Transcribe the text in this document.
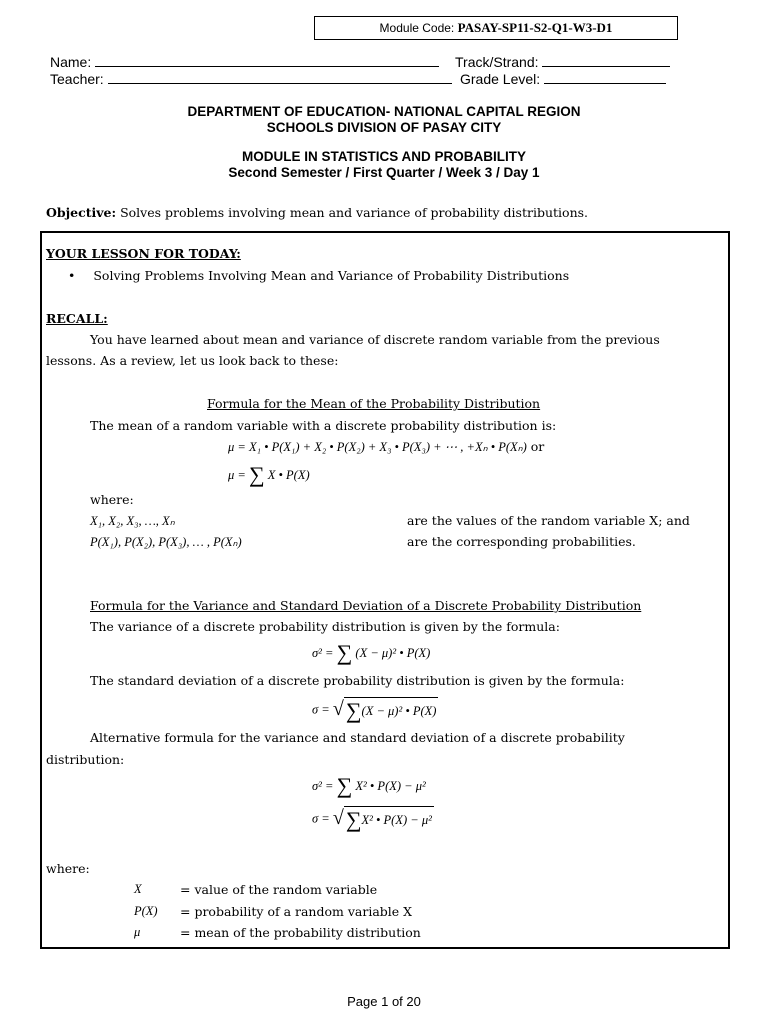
Module Code: PASAY-SP11-S2-Q1-W3-D1
Name:	Track/Strand:
Teacher:	Grade Level:
DEPARTMENT OF EDUCATION- NATIONAL CAPITAL REGION
SCHOOLS DIVISION OF PASAY CITY
MODULE IN STATISTICS AND PROBABILITY
Second Semester / First Quarter / Week 3 / Day 1
Objective: Solves problems involving mean and variance of probability distributions.
YOUR LESSON FOR TODAY:
• Solving Problems Involving Mean and Variance of Probability Distributions
RECALL:
You have learned about mean and variance of discrete random variable from the previous
lessons. As a review, let us look back to these:
Formula for the Mean of the Probability Distribution
The mean of a random variable with a discrete probability distribution is:
μ = X₁ • P(X₁) + X₂ • P(X₂) + X₃ • P(X₃) + ⋯ , +Xₙ • P(Xₙ) or
μ = ∑ X • P(X)
where:
X₁, X₂, X₃, …, Xₙ	are the values of the random variable X; and
P(X₁), P(X₂), P(X₃), … , P(Xₙ)	are the corresponding probabilities.
Formula for the Variance and Standard Deviation of a Discrete Probability Distribution
The variance of a discrete probability distribution is given by the formula:
σ² = ∑ (X − μ)² • P(X)
The standard deviation of a discrete probability distribution is given by the formula:
σ = √∑(X − μ)² • P(X)
Alternative formula for the variance and standard deviation of a discrete probability
distribution:
σ² = ∑ X² • P(X) − μ²
σ = √∑X² • P(X) − μ²
where:
X	= value of the random variable
P(X) = probability of a random variable X
μ	= mean of the probability distribution
Page 1 of 20
